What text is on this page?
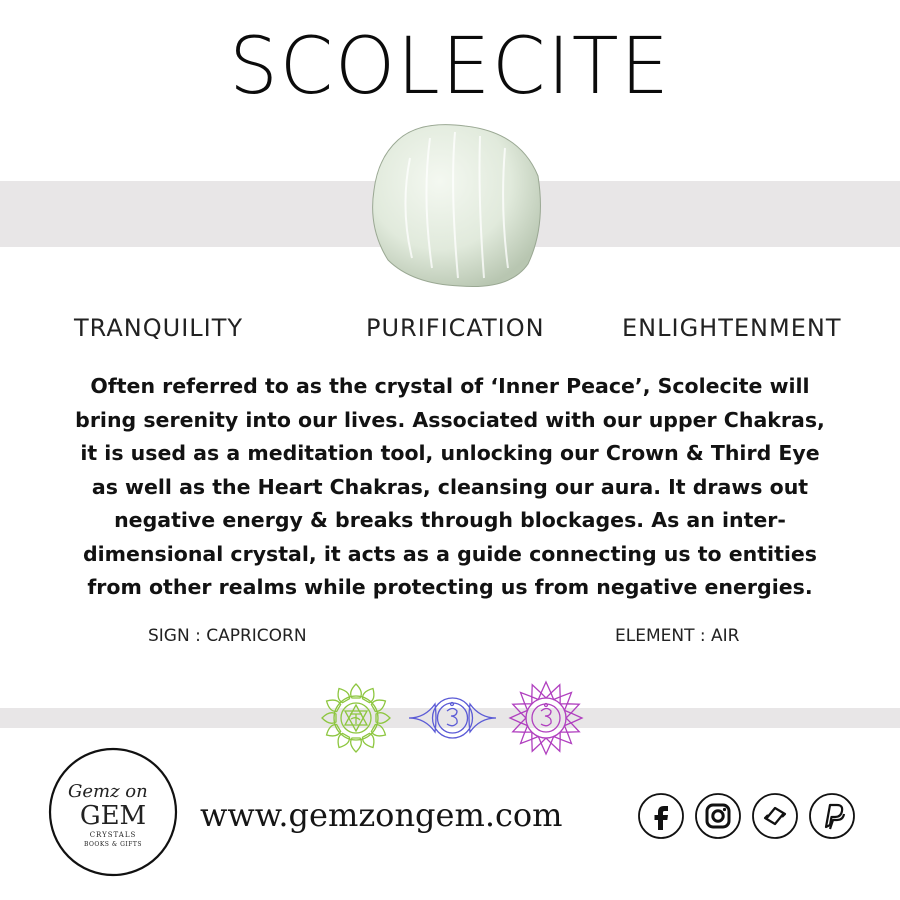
SCOLECITE
TRANQUILITY	PURIFICATION	ENLIGHTENMENT
Often referred to as the crystal of ‘Inner Peace’, Scolecite will
bring serenity into our lives. Associated with our upper Chakras,
it is used as a meditation tool, unlocking our Crown & Third Eye
as well as the Heart Chakras, cleansing our aura. It draws out
negative energy & breaks through blockages. As an inter-
dimensional crystal, it acts as a guide connecting us to entities
from other realms while protecting us from negative energies.
SIGN : CAPRICORN	ELEMENT : AIR
Gemz on
GEM
CRYSTALS
BOOKS & GIFTS
www.gemzongem.com
